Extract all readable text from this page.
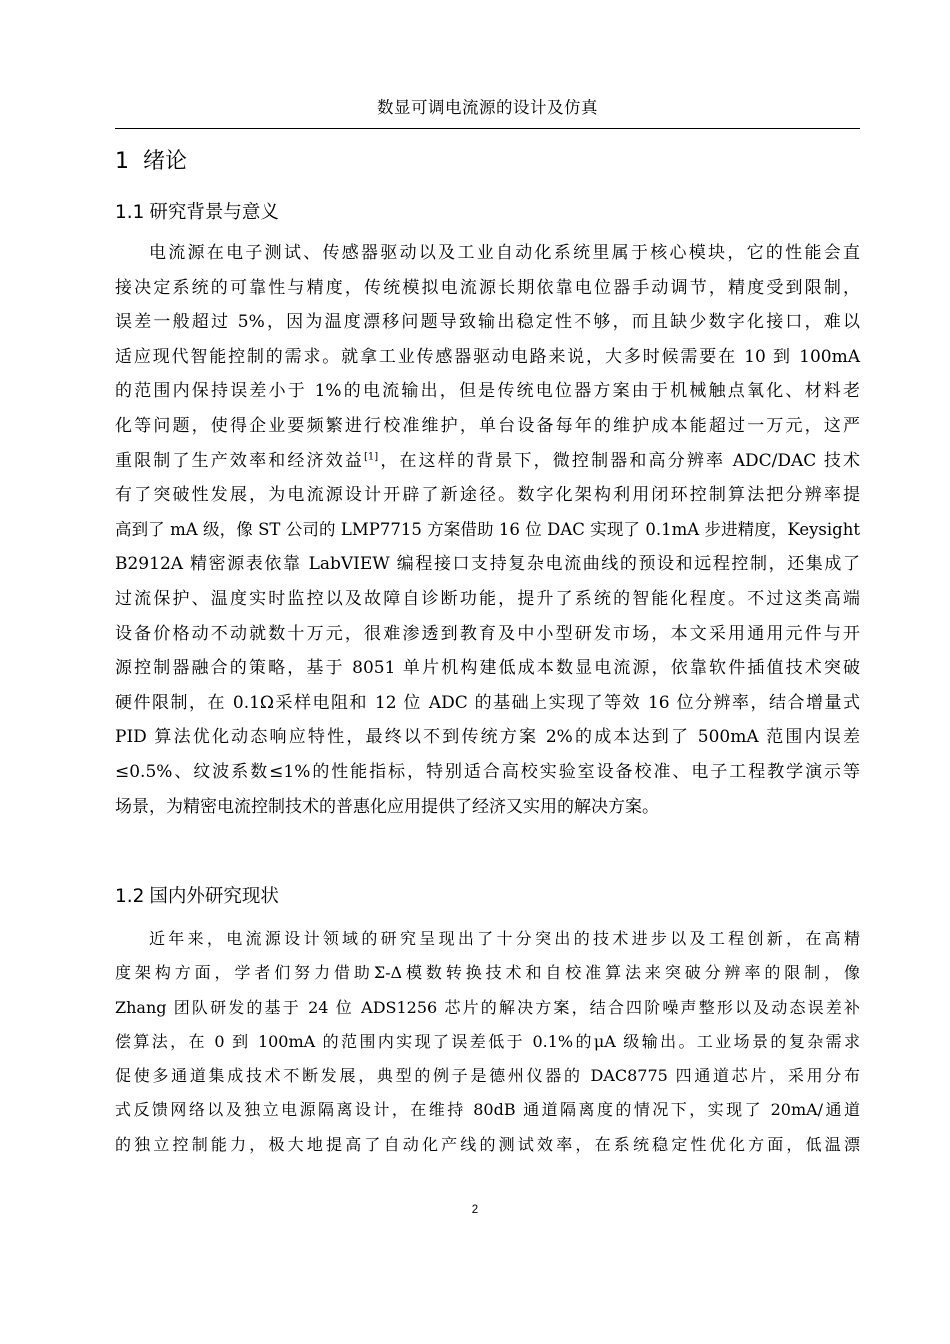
数显可调电流源的设计及仿真
1 绪论
1.1 研究背景与意义
电流源在电子测试、传感器驱动以及工业自动化系统里属于核心模块，它的性能会直
接决定系统的可靠性与精度，传统模拟电流源长期依靠电位器手动调节，精度受到限制，
误差一般超过 5%，因为温度漂移问题导致输出稳定性不够，而且缺少数字化接口，难以
适应现代智能控制的需求。就拿工业传感器驱动电路来说，大多时候需要在 10 到 100mA
的范围内保持误差小于 1%的电流输出，但是传统电位器方案由于机械触点氧化、材料老
化等问题，使得企业要频繁进行校准维护，单台设备每年的维护成本能超过一万元，这严
重限制了生产效率和经济效益[1]，在这样的背景下，微控制器和高分辨率 ADC/DAC 技术
有了突破性发展，为电流源设计开辟了新途径。数字化架构利用闭环控制算法把分辨率提
高到了 mA 级，像 ST 公司的 LMP7715 方案借助 16 位 DAC 实现了 0.1mA 步进精度，Keysight
B2912A 精密源表依靠 LabVIEW 编程接口支持复杂电流曲线的预设和远程控制，还集成了
过流保护、温度实时监控以及故障自诊断功能，提升了系统的智能化程度。不过这类高端
设备价格动不动就数十万元，很难渗透到教育及中小型研发市场，本文采用通用元件与开
源控制器融合的策略，基于 8051 单片机构建低成本数显电流源，依靠软件插值技术突破
硬件限制，在 0.1Ω采样电阻和 12 位 ADC 的基础上实现了等效 16 位分辨率，结合增量式
PID 算法优化动态响应特性，最终以不到传统方案 2%的成本达到了 500mA 范围内误差
≤0.5%、纹波系数≤1%的性能指标，特别适合高校实验室设备校准、电子工程教学演示等
场景，为精密电流控制技术的普惠化应用提供了经济又实用的解决方案。
1.2 国内外研究现状
近年来，电流源设计领域的研究呈现出了十分突出的技术进步以及工程创新，在高精
度架构方面，学者们努力借助Σ-Δ模数转换技术和自校准算法来突破分辨率的限制，像
Zhang 团队研发的基于 24 位 ADS1256 芯片的解决方案，结合四阶噪声整形以及动态误差补
偿算法，在 0 到 100mA 的范围内实现了误差低于 0.1%的μA 级输出。工业场景的复杂需求
促使多通道集成技术不断发展，典型的例子是德州仪器的 DAC8775 四通道芯片，采用分布
式反馈网络以及独立电源隔离设计，在维持 80dB 通道隔离度的情况下，实现了 20mA/通道
的独立控制能力，极大地提高了自动化产线的测试效率，在系统稳定性优化方面，低温漂
2
